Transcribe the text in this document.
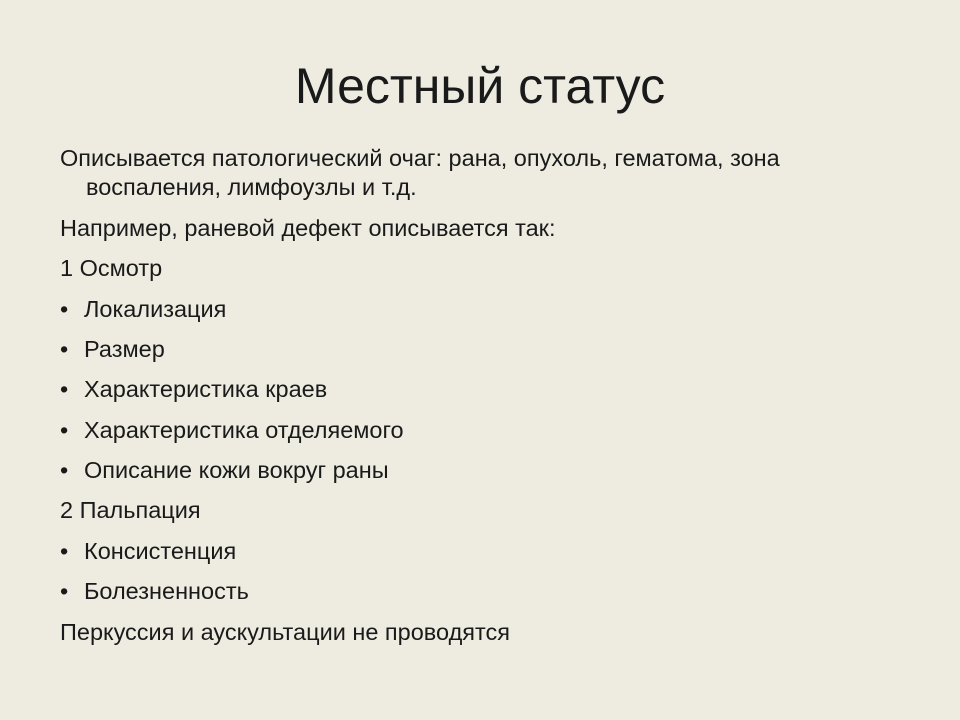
Местный статус

Описывается патологический очаг: рана, опухоль, гематома, зона воспаления, лимфоузлы и т.д.

Например, раневой дефект описывается так:

1 Осмотр

• Локализация
• Размер
• Характеристика краев
• Характеристика отделяемого
• Описание кожи вокруг раны

2 Пальпация

• Консистенция
• Болезненность

Перкуссия и аускультации не проводятся
